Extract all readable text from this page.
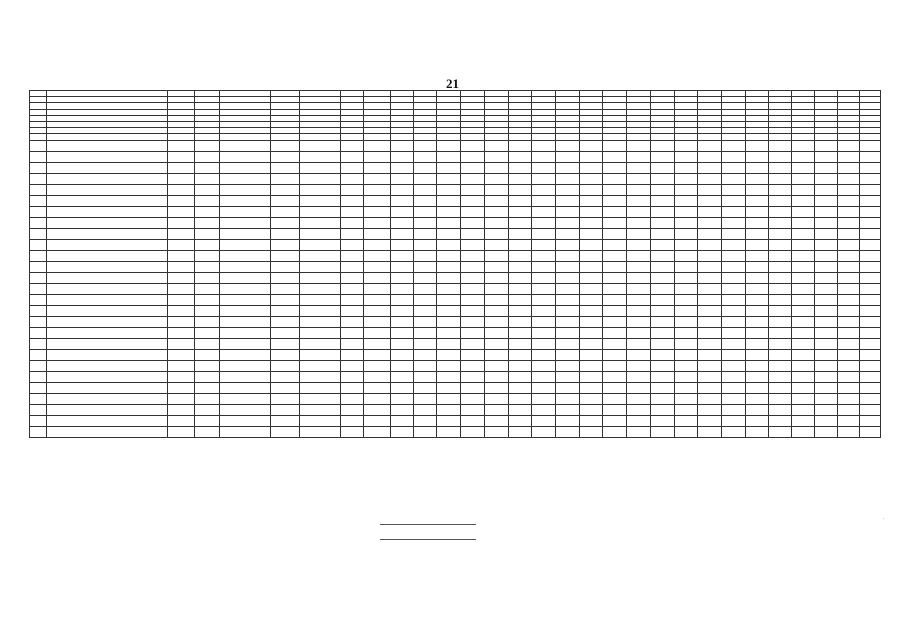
21

.
